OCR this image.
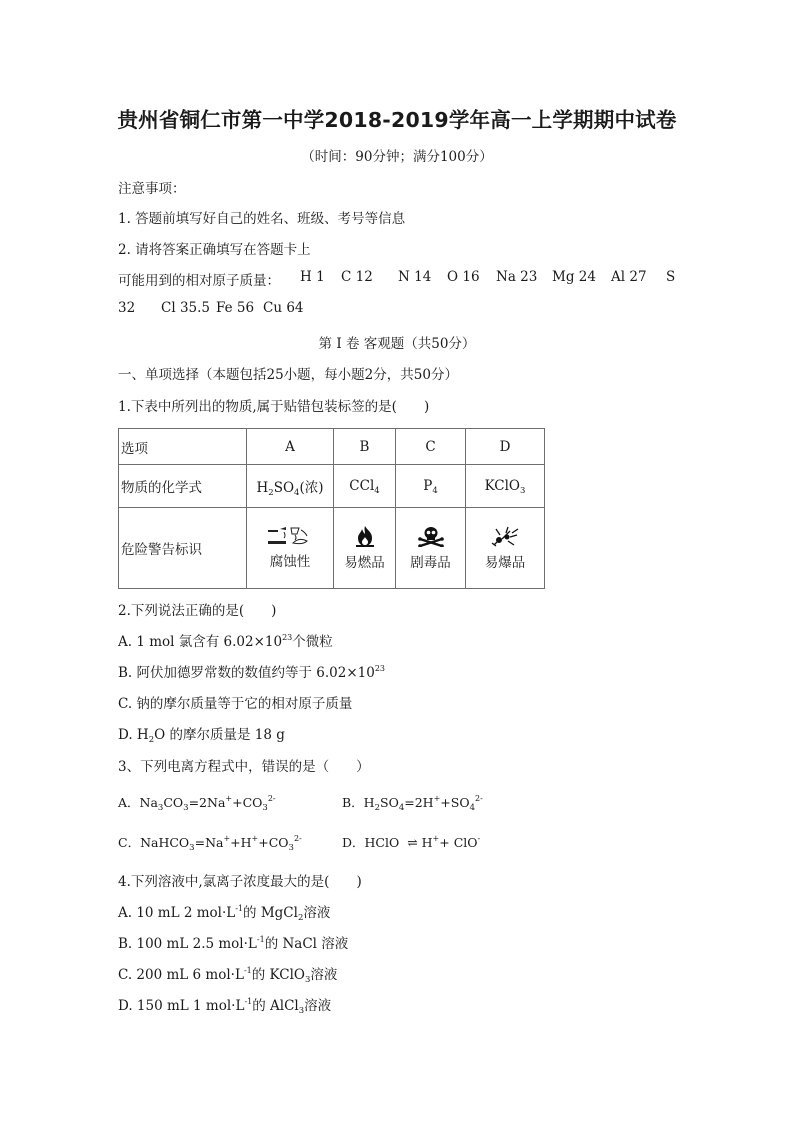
贵州省铜仁市第一中学2018-2019学年高一上学期期中试卷
（时间：90分钟；满分100分）
注意事项：
1. 答题前填写好自己的姓名、班级、考号等信息
2. 请将答案正确填写在答题卡上
可能用到的相对原子质量： H 1 C 12 N 14 O 16 Na 23 Mg 24 Al 27 S
32 Cl 35.5 Fe 56 Cu 64
第 I 卷 客观题（共50分）
一、单项选择（本题包括25小题，每小题2分，共50分）
1.下表中所列出的物质,属于贴错包装标签的是(　　)
选项	A	B	C	D
物质的化学式	$H_2SO_4$(浓)	CCl$_4$	$P_4$	KClO$_3$
危险警告标识	腐蚀性	易燃品	剧毒品	易爆品
2.下列说法正确的是(　　)
A. 1 mol 氯含有 $6.02\times 10^{23}$个微粒
B. 阿伏加德罗常数的数值约等于 $6.02\times 10^{23}$
C. 钠的摩尔质量等于它的相对原子质量
D. $H_2O$ 的摩尔质量是 18 g
3、下列电离方程式中，错误的是（　　）
A．$Na_3CO_3=2Na^++CO_3^{2-}$	B．$H_2SO_4=2H^++SO_4^{2-}$
C．$NaHCO_3=Na^++H^++CO_3^{2-}$	D．HClO  ⇌ H++ ClO-
4.下列溶液中,氯离子浓度最大的是(　　)
A. 10 mL 2 $mol\cdot L^{-1}$的 MgCl$_2$溶液
B. 100 mL 2.5 $mol\cdot L^{-1}$的 NaCl 溶液
C. 200 mL 6 $mol\cdot L^{-1}$的 KClO$_3$溶液
D. 150 mL 1 $mol\cdot L^{-1}$的 AlCl$_3$溶液
